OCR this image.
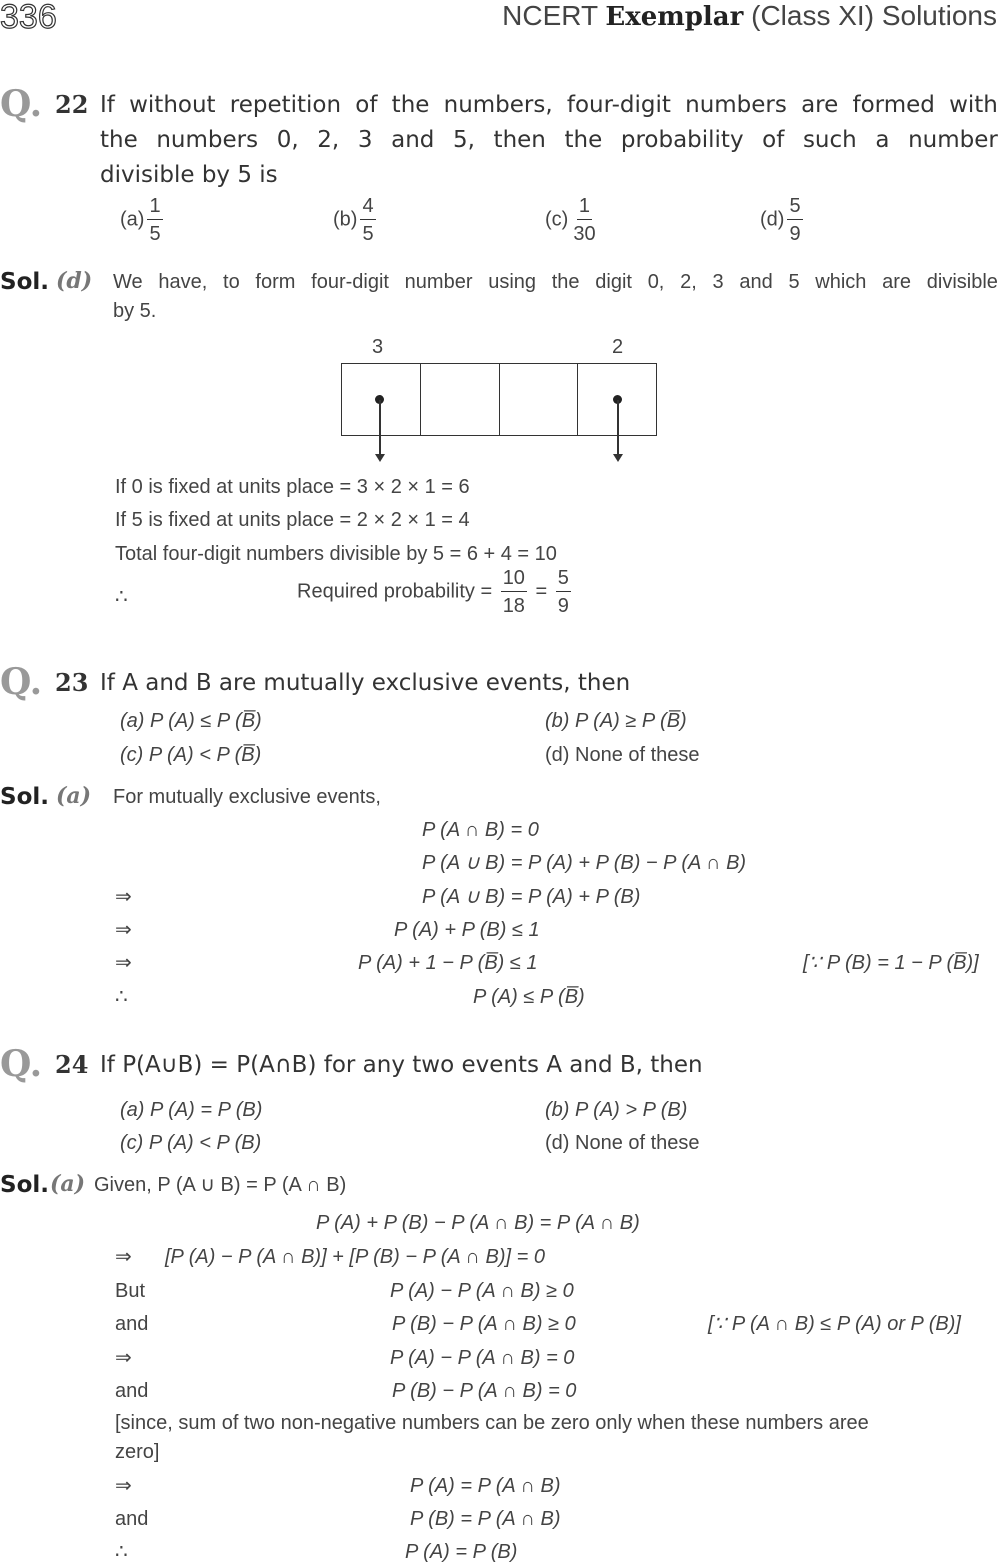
336	NCERT Exemplar (Class XI) Solutions
Q. 22 If without repetition of the numbers, four-digit numbers are formed with
the numbers 0, 2, 3 and 5, then the probability of such a number
divisible by 5 is
$(a) \frac{1}{5}$	$(b) \frac{4}{5}$	$(c) \frac{1}{30}$	$(d) \frac{5}{9}$
Sol. (d) We have, to form four-digit number using the digit 0, 2, 3 and 5 which are divisible
by 5.
3	2
If 0 is fixed at units place = 3 × 2 × 1 = 6
If 5 is fixed at units place = 2 × 2 × 1 = 4
Total four-digit numbers divisible by 5 = 6 + 4 = 10
∴	Required probability = $\frac{10}{18} = \frac{5}{9}$
Q. 23 If A and B are mutually exclusive events, then
(a) P (A) ≤ P (B̅)	(b) P (A) ≥ P (B̅)
(c) P (A) < P (B̅)	(d) None of these
Sol. (a) For mutually exclusive events,
P (A ∩ B) = 0
P (A ∪ B) = P (A) + P (B) − P (A ∩ B)
⇒	P (A ∪ B) = P (A) + P (B)
⇒	P (A) + P (B) ≤ 1
⇒	P (A) + 1 − P (B̅) ≤ 1	[∵ P (B) = 1 − P (B̅)]
∴	P (A) ≤ P (B̅)
Q. 24 If P(A∪B) = P(A∩B) for any two events A and B, then
(a) P (A) = P (B)	(b) P (A) > P (B)
(c) P (A) < P (B)	(d) None of these
Sol. (a) Given, P (A ∪ B) = P (A ∩ B)
P (A) + P (B) − P (A ∩ B) = P (A ∩ B)
⇒ [P (A) − P (A ∩ B)] + [P (B) − P (A ∩ B)] = 0
But	P (A) − P (A ∩ B) ≥ 0
and	P (B) − P (A ∩ B) ≥ 0	[∵ P (A ∩ B) ≤ P (A) or P (B)]
⇒	P (A) − P (A ∩ B) = 0
and	P (B) − P (A ∩ B) = 0
[since, sum of two non-negative numbers can be zero only when these numbers aree
zero]
⇒	P (A) = P (A ∩ B)
and	P (B) = P (A ∩ B)
∴	P (A) = P (B)
